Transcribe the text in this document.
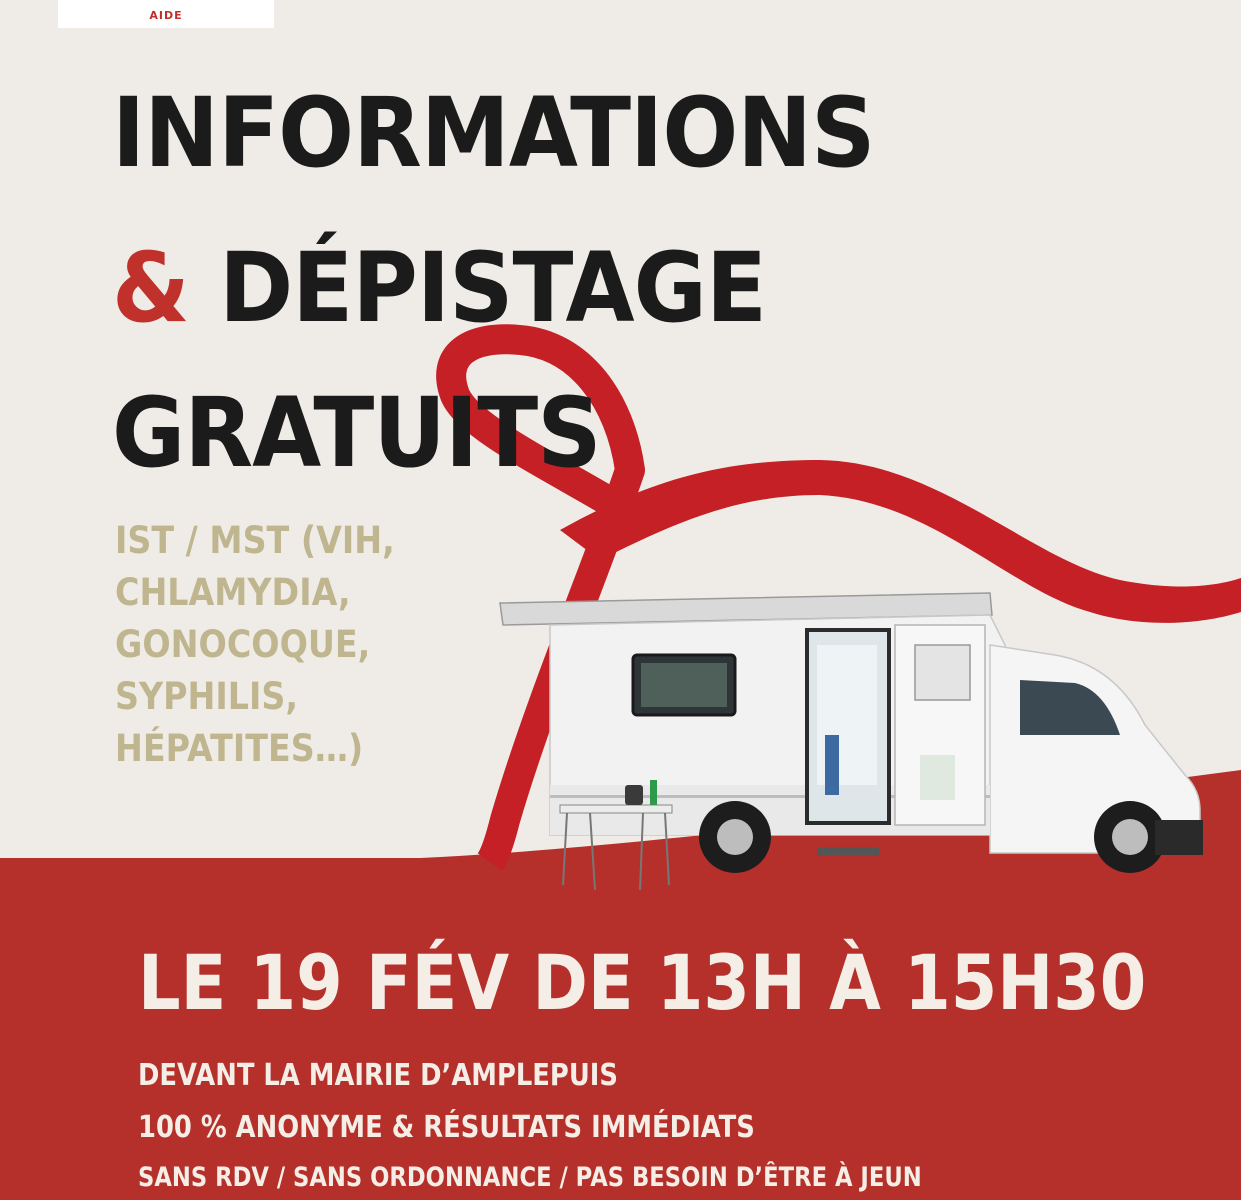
AIDE
INFORMATIONS
& DÉPISTAGE
GRATUITS
IST / MST (VIH,
CHLAMYDIA,
GONOCOQUE,
SYPHILIS,
HÉPATITES…)
LE 19 FÉV DE 13H À 15H30
DEVANT LA MAIRIE D’AMPLEPUIS
100 % ANONYME & RÉSULTATS IMMÉDIATS
SANS RDV / SANS ORDONNANCE / PAS BESOIN D’ÊTRE À JEUN
